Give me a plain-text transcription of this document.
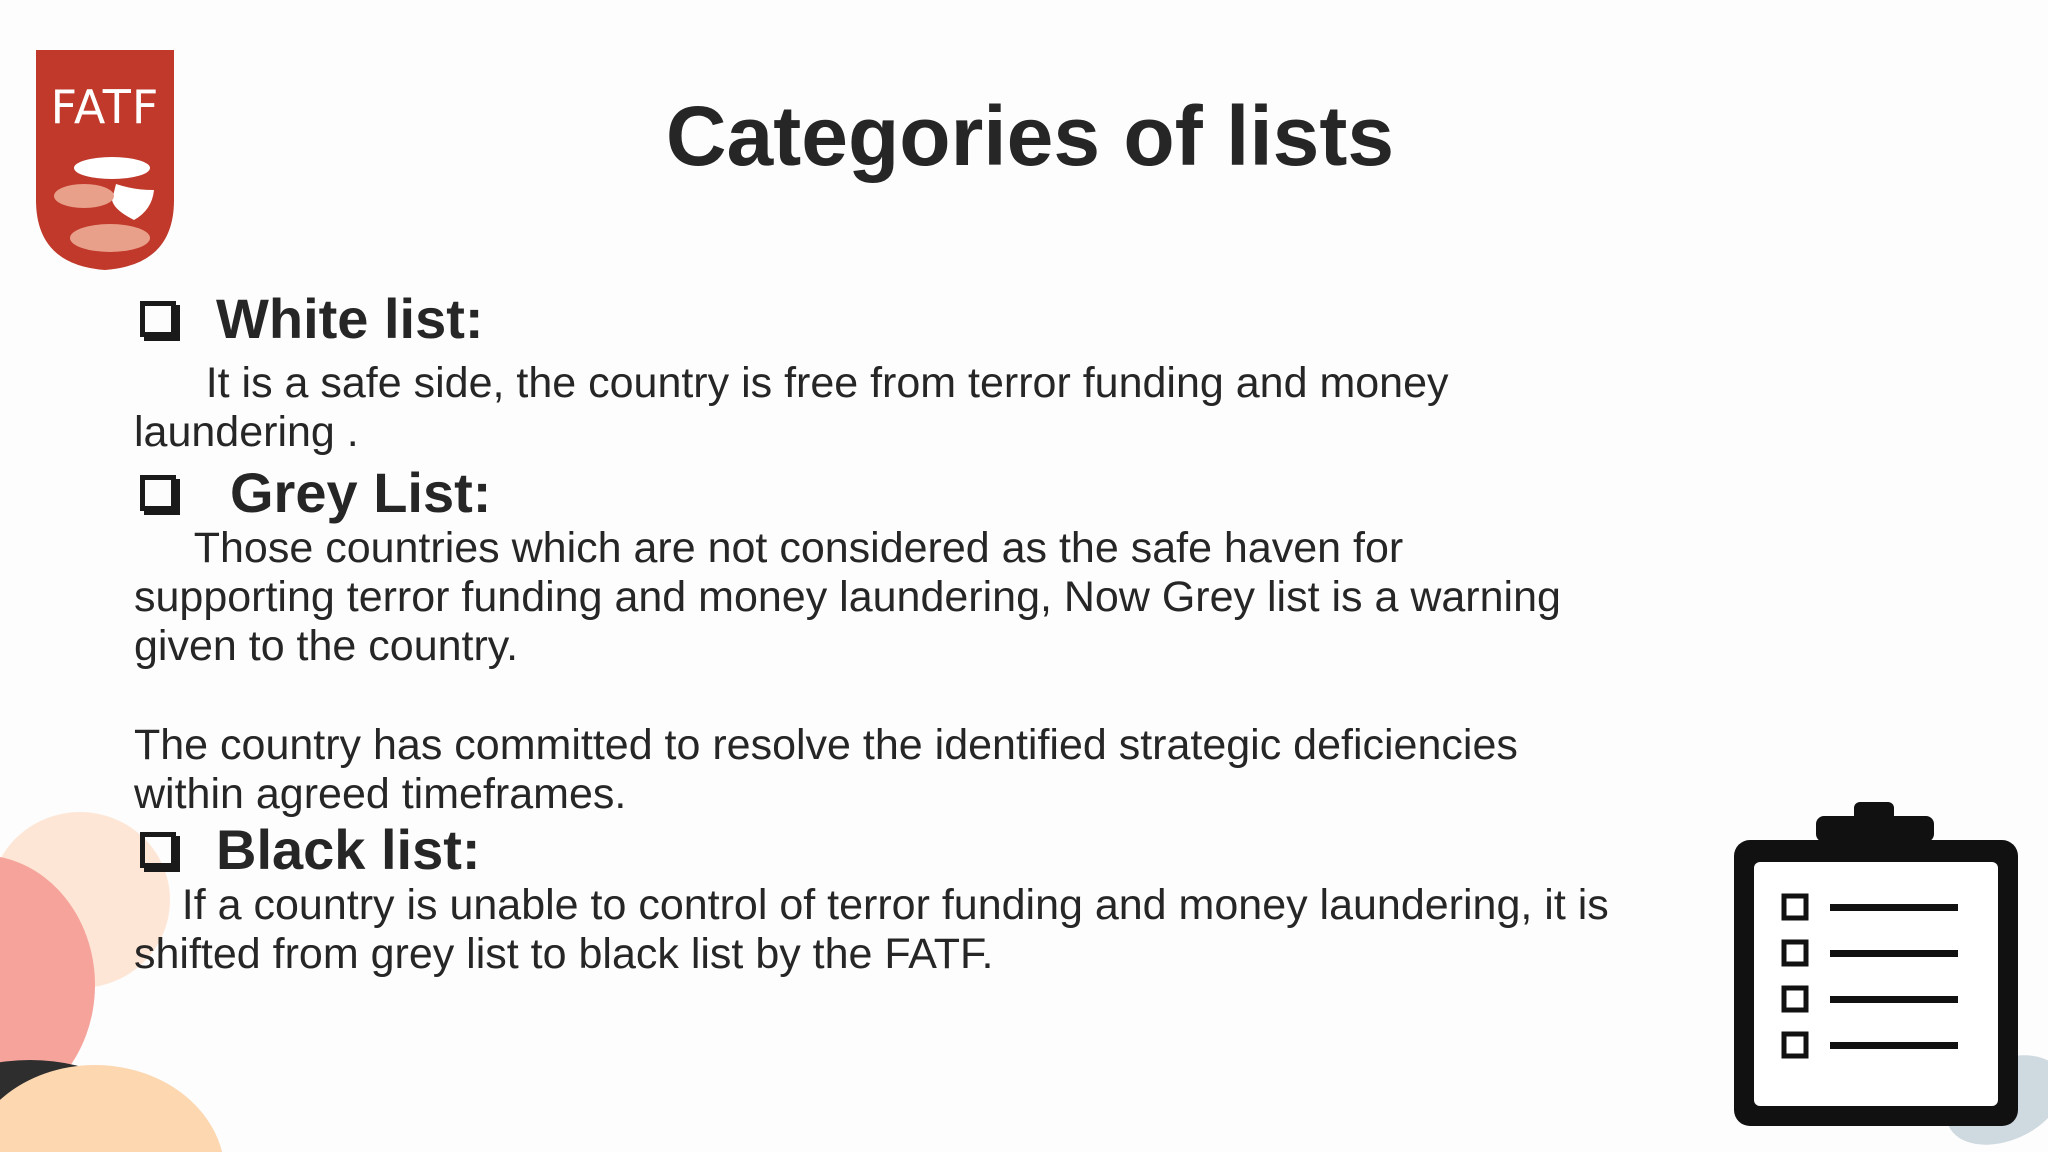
FATF	Categories of lists
White list:
It is a safe side, the country is free from terror funding and money
laundering .
Grey List:
Those countries which are not considered as the safe haven for
supporting terror funding and money laundering, Now Grey list is a warning
given to the country.
The country has committed to resolve the identified strategic deficiencies
within agreed timeframes.
Black list:
If a country is unable to control of terror funding and money laundering, it is
shifted from grey list to black list by the FATF.
